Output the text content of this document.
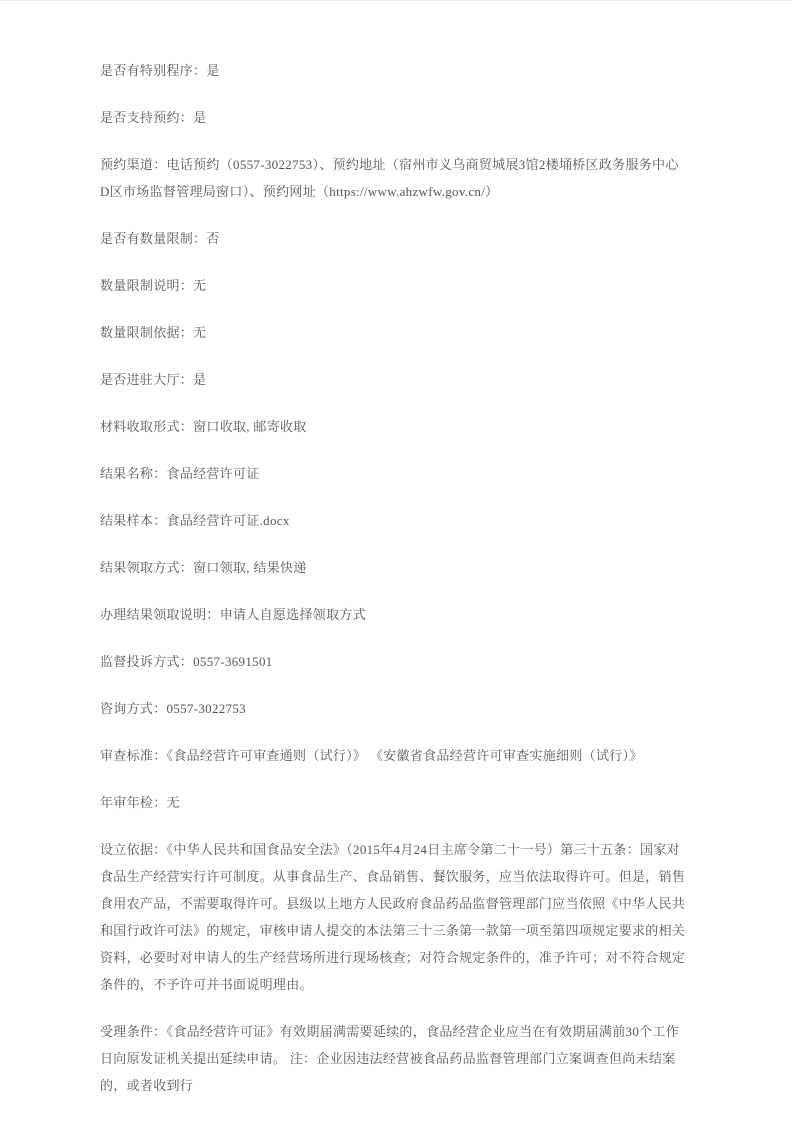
是否有特别程序：是

是否支持预约：是

预约渠道：电话预约（0557-3022753）、预约地址（宿州市义乌商贸城展3馆2楼埇桥区政务服务中心D区市场监督管理局窗口）、预约网址（https://www.ahzwfw.gov.cn/）

是否有数量限制：否

数量限制说明：无

数量限制依据：无

是否进驻大厅：是

材料收取形式：窗口收取, 邮寄收取

结果名称：食品经营许可证

结果样本：食品经营许可证.docx

结果领取方式：窗口领取, 结果快递

办理结果领取说明：申请人自愿选择领取方式

监督投诉方式：0557-3691501

咨询方式：0557-3022753

审查标准：《食品经营许可审查通则（试行）》 《安徽省食品经营许可审查实施细则（试行）》

年审年检：无

设立依据：《中华人民共和国食品安全法》（2015年4月24日主席令第二十一号）第三十五条：国家对食品生产经营实行许可制度。从事食品生产、食品销售、餐饮服务，应当依法取得许可。但是，销售食用农产品，不需要取得许可。县级以上地方人民政府食品药品监督管理部门应当依照《中华人民共和国行政许可法》的规定，审核申请人提交的本法第三十三条第一款第一项至第四项规定要求的相关资料，必要时对申请人的生产经营场所进行现场核查；对符合规定条件的，准予许可；对不符合规定条件的，不予许可并书面说明理由。

受理条件：《食品经营许可证》有效期届满需要延续的，食品经营企业应当在有效期届满前30个工作日向原发证机关提出延续申请。 注：企业因违法经营被食品药品监督管理部门立案调查但尚未结案的，或者收到行
